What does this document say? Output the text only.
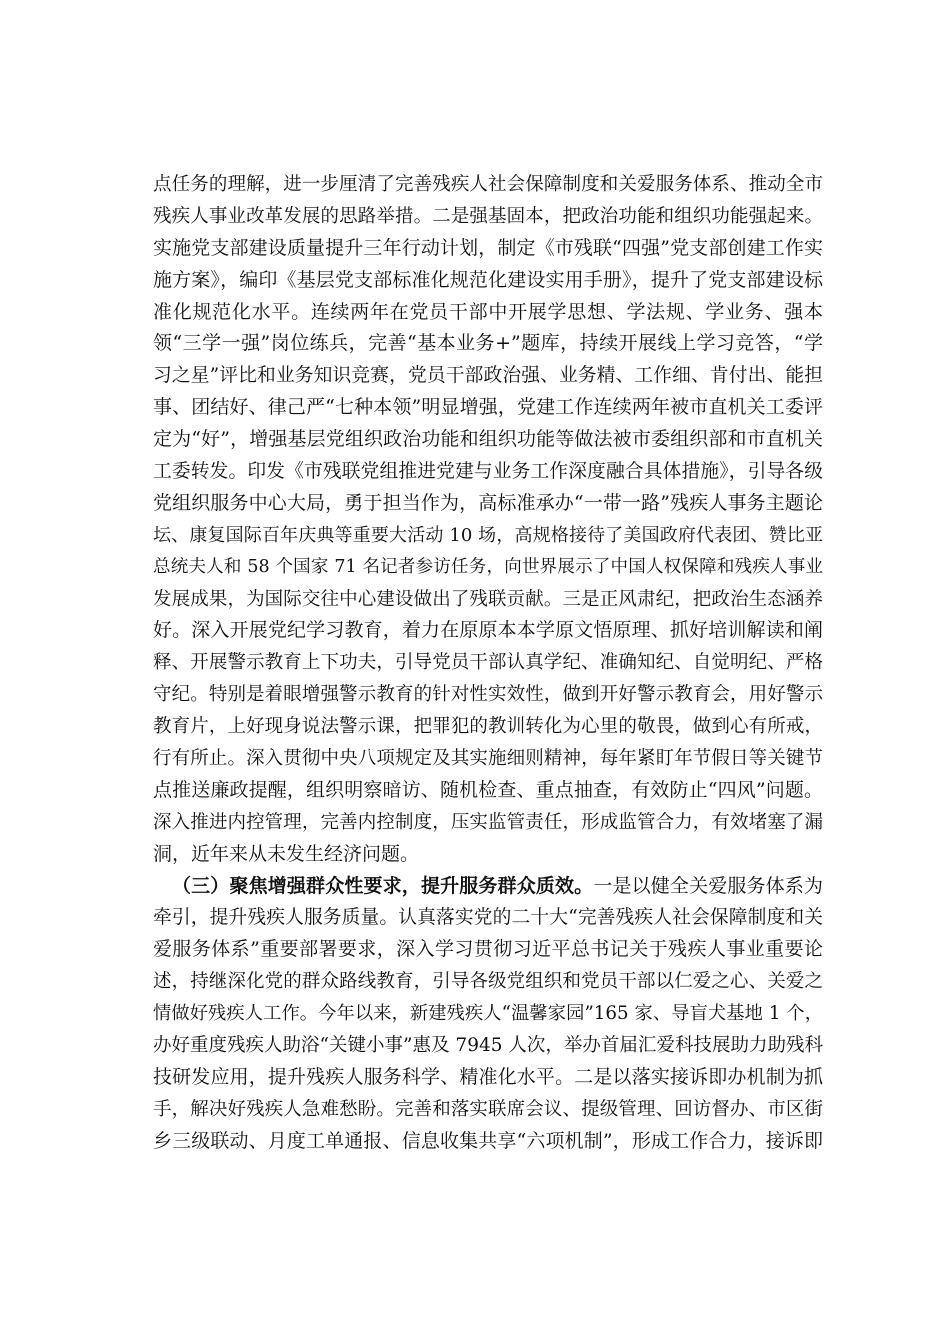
点任务的理解，进一步厘清了完善残疾人社会保障制度和关爱服务体系、推动全市
残疾人事业改革发展的思路举措。二是强基固本，把政治功能和组织功能强起来。
实施党支部建设质量提升三年行动计划，制定《市残联“四强”党支部创建工作实
施方案》，编印《基层党支部标准化规范化建设实用手册》，提升了党支部建设标
准化规范化水平。连续两年在党员干部中开展学思想、学法规、学业务、强本
领“三学一强”岗位练兵，完善“基本业务+”题库，持续开展线上学习竞答，“学
习之星”评比和业务知识竞赛，党员干部政治强、业务精、工作细、肯付出、能担
事、团结好、律己严“七种本领”明显增强，党建工作连续两年被市直机关工委评
定为“好”，增强基层党组织政治功能和组织功能等做法被市委组织部和市直机关
工委转发。印发《市残联党组推进党建与业务工作深度融合具体措施》，引导各级
党组织服务中心大局，勇于担当作为，高标准承办“一带一路”残疾人事务主题论
坛、康复国际百年庆典等重要大活动 10 场，高规格接待了美国政府代表团、赞比亚
总统夫人和 58 个国家 71 名记者参访任务，向世界展示了中国人权保障和残疾人事业
发展成果，为国际交往中心建设做出了残联贡献。三是正风肃纪，把政治生态涵养
好。深入开展党纪学习教育，着力在原原本本学原文悟原理、抓好培训解读和阐
释、开展警示教育上下功夫，引导党员干部认真学纪、准确知纪、自觉明纪、严格
守纪。特别是着眼增强警示教育的针对性实效性，做到开好警示教育会，用好警示
教育片，上好现身说法警示课，把罪犯的教训转化为心里的敬畏，做到心有所戒，
行有所止。深入贯彻中央八项规定及其实施细则精神，每年紧盯年节假日等关键节
点推送廉政提醒，组织明察暗访、随机检查、重点抽查，有效防止“四风”问题。
深入推进内控管理，完善内控制度，压实监管责任，形成监管合力，有效堵塞了漏
洞，近年来从未发生经济问题。
（三）聚焦增强群众性要求，提升服务群众质效。一是以健全关爱服务体系为
牵引，提升残疾人服务质量。认真落实党的二十大“完善残疾人社会保障制度和关
爱服务体系”重要部署要求，深入学习贯彻习近平总书记关于残疾人事业重要论
述，持继深化党的群众路线教育，引导各级党组织和党员干部以仁爱之心、关爱之
情做好残疾人工作。今年以来，新建残疾人“温馨家园”165 家、导盲犬基地 1 个，
办好重度残疾人助浴“关键小事”惠及 7945 人次，举办首届汇爱科技展助力助残科
技研发应用，提升残疾人服务科学、精准化水平。二是以落实接诉即办机制为抓
手，解决好残疾人急难愁盼。完善和落实联席会议、提级管理、回访督办、市区街
乡三级联动、月度工单通报、信息收集共享“六项机制”，形成工作合力，接诉即
